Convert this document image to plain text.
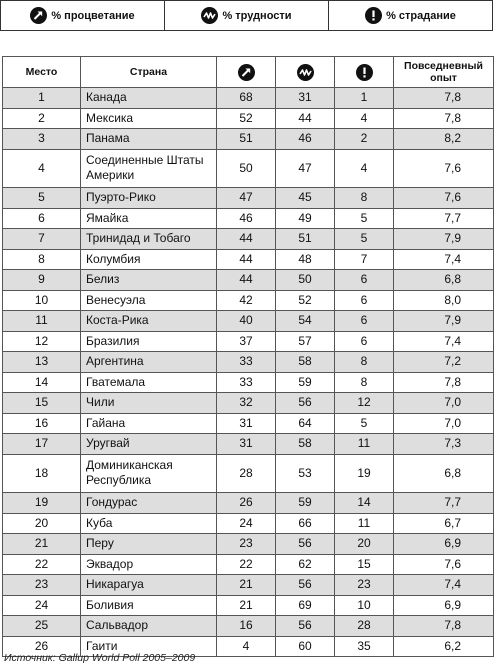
% процветание	% трудности	% страдание
Место	Страна				Повседневный опыт
1	Канада	68	31	1	7,8
2	Мексика	52	44	4	7,8
3	Панама	51	46	2	8,2
4	Соединенные Штаты Америки	50	47	4	7,6
5	Пуэрто-Рико	47	45	8	7,6
6	Ямайка	46	49	5	7,7
7	Тринидад и Тобаго	44	51	5	7,9
8	Колумбия	44	48	7	7,4
9	Белиз	44	50	6	6,8
10	Венесуэла	42	52	6	8,0
11	Коста-Рика	40	54	6	7,9
12	Бразилия	37	57	6	7,4
13	Аргентина	33	58	8	7,2
14	Гватемала	33	59	8	7,8
15	Чили	32	56	12	7,0
16	Гайана	31	64	5	7,0
17	Уругвай	31	58	11	7,3
18	Доминиканская Республика	28	53	19	6,8
19	Гондурас	26	59	14	7,7
20	Куба	24	66	11	6,7
21	Перу	23	56	20	6,9
22	Эквадор	22	62	15	7,6
23	Никарагуа	21	56	23	7,4
24	Боливия	21	69	10	6,9
25	Сальвадор	16	56	28	7,8
26	Гаити	4	60	35	6,2
Источник: Gallup World Poll 2005–2009
